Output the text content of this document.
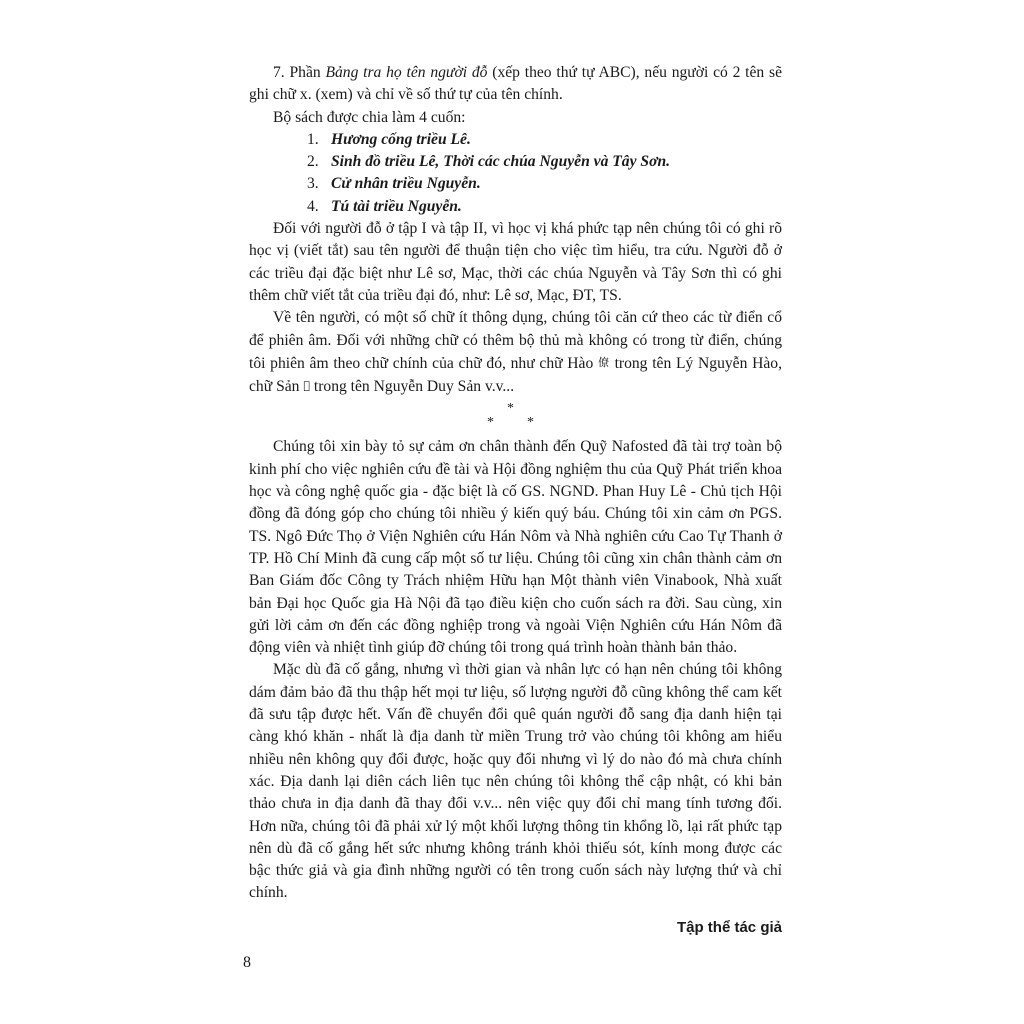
7. Phần Bảng tra họ tên người đỗ (xếp theo thứ tự ABC), nếu người có 2 tên sẽ ghi chữ x. (xem) và chỉ về số thứ tự của tên chính.

Bộ sách được chia làm 4 cuốn:

1. Hương cống triều Lê.
2. Sinh đồ triều Lê, Thời các chúa Nguyễn và Tây Sơn.
3. Cử nhân triều Nguyễn.
4. Tú tài triều Nguyễn.

Đối với người đỗ ở tập I và tập II, vì học vị khá phức tạp nên chúng tôi có ghi rõ học vị (viết tắt) sau tên người để thuận tiện cho việc tìm hiểu, tra cứu. Người đỗ ở các triều đại đặc biệt như Lê sơ, Mạc, thời các chúa Nguyễn và Tây Sơn thì có ghi thêm chữ viết tắt của triều đại đó, như: Lê sơ, Mạc, ĐT, TS.

Về tên người, có một số chữ ít thông dụng, chúng tôi căn cứ theo các từ điển cổ để phiên âm. Đối với những chữ có thêm bộ thủ mà không có trong từ điển, chúng tôi phiên âm theo chữ chính của chữ đó, như chữ Hào 僚 trong tên Lý Nguyễn Hào, chữ Sản 𡲈 trong tên Nguyễn Duy Sản v.v...

*
* *

Chúng tôi xin bày tỏ sự cảm ơn chân thành đến Quỹ Nafosted đã tài trợ toàn bộ kinh phí cho việc nghiên cứu đề tài và Hội đồng nghiệm thu của Quỹ Phát triển khoa học và công nghệ quốc gia - đặc biệt là cố GS. NGND. Phan Huy Lê - Chủ tịch Hội đồng đã đóng góp cho chúng tôi nhiều ý kiến quý báu. Chúng tôi xin cảm ơn PGS. TS. Ngô Đức Thọ ở Viện Nghiên cứu Hán Nôm và Nhà nghiên cứu Cao Tự Thanh ở TP. Hồ Chí Minh đã cung cấp một số tư liệu. Chúng tôi cũng xin chân thành cảm ơn Ban Giám đốc Công ty Trách nhiệm Hữu hạn Một thành viên Vinabook, Nhà xuất bản Đại học Quốc gia Hà Nội đã tạo điều kiện cho cuốn sách ra đời. Sau cùng, xin gửi lời cảm ơn đến các đồng nghiệp trong và ngoài Viện Nghiên cứu Hán Nôm đã động viên và nhiệt tình giúp đỡ chúng tôi trong quá trình hoàn thành bản thảo.

Mặc dù đã cố gắng, nhưng vì thời gian và nhân lực có hạn nên chúng tôi không dám đảm bảo đã thu thập hết mọi tư liệu, số lượng người đỗ cũng không thể cam kết đã sưu tập được hết. Vấn đề chuyển đổi quê quán người đỗ sang địa danh hiện tại càng khó khăn - nhất là địa danh từ miền Trung trở vào chúng tôi không am hiểu nhiều nên không quy đổi được, hoặc quy đổi nhưng vì lý do nào đó mà chưa chính xác. Địa danh lại diên cách liên tục nên chúng tôi không thể cập nhật, có khi bản thảo chưa in địa danh đã thay đổi v.v... nên việc quy đổi chỉ mang tính tương đối. Hơn nữa, chúng tôi đã phải xử lý một khối lượng thông tin khổng lồ, lại rất phức tạp nên dù đã cố gắng hết sức nhưng không tránh khỏi thiếu sót, kính mong được các bậc thức giả và gia đình những người có tên trong cuốn sách này lượng thứ và chỉ chính.

Tập thể tác giả

8
